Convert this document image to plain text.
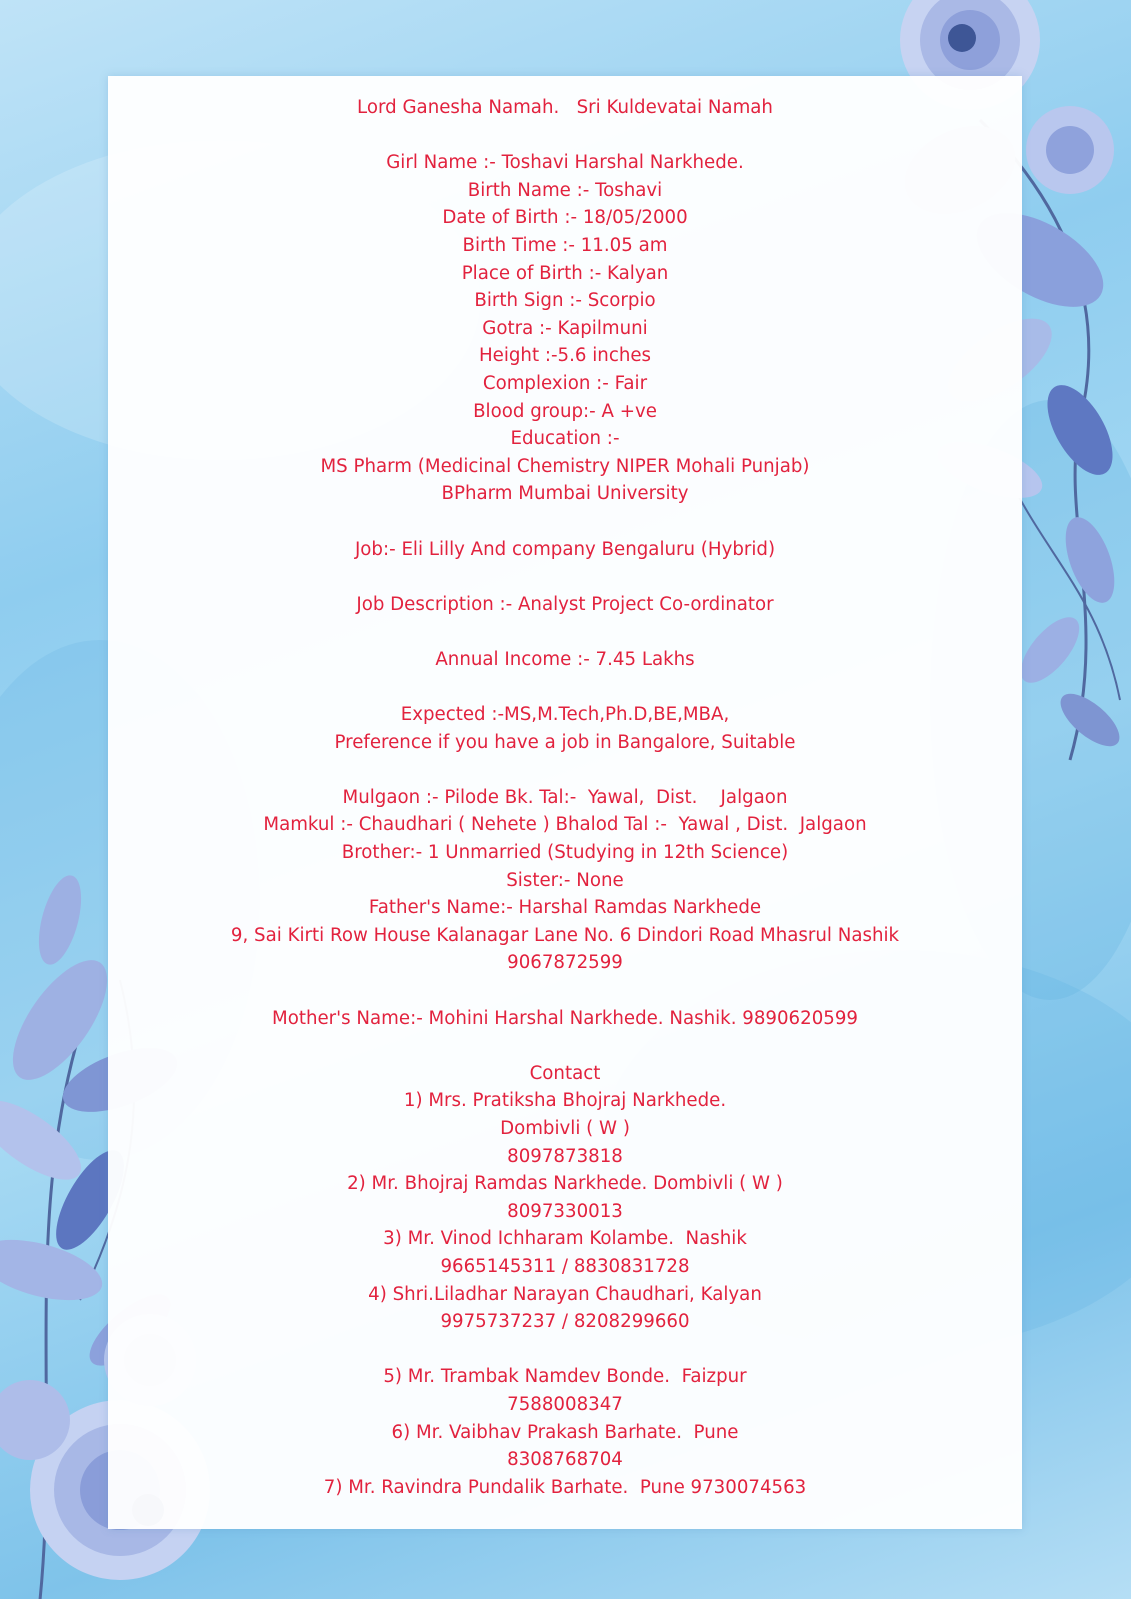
Lord Ganesha Namah.   Sri Kuldevatai Namah
Girl Name :- Toshavi Harshal Narkhede.
Birth Name :- Toshavi
Date of Birth :- 18/05/2000
Birth Time :- 11.05 am
Place of Birth :- Kalyan
Birth Sign :- Scorpio
Gotra :- Kapilmuni
Height :-5.6 inches
Complexion :- Fair
Blood group:- A +ve
Education :-
MS Pharm (Medicinal Chemistry NIPER Mohali Punjab)
BPharm Mumbai University
Job:- Eli Lilly And company Bengaluru (Hybrid)
Job Description :- Analyst Project Co-ordinator
Annual Income :- 7.45 Lakhs
Expected :-MS,M.Tech,Ph.D,BE,MBA,
Preference if you have a job in Bangalore, Suitable
Mulgaon :- Pilode Bk. Tal:-  Yawal,  Dist.    Jalgaon
Mamkul :- Chaudhari ( Nehete ) Bhalod Tal :-  Yawal , Dist.  Jalgaon
Brother:- 1 Unmarried (Studying in 12th Science)
Sister:- None
Father's Name:- Harshal Ramdas Narkhede
9, Sai Kirti Row House Kalanagar Lane No. 6 Dindori Road Mhasrul Nashik
9067872599
Mother's Name:- Mohini Harshal Narkhede. Nashik. 9890620599
Contact
1) Mrs. Pratiksha Bhojraj Narkhede.
Dombivli ( W )
8097873818
2) Mr. Bhojraj Ramdas Narkhede. Dombivli ( W )
8097330013
3) Mr. Vinod Ichharam Kolambe.  Nashik
9665145311 / 8830831728
4) Shri.Liladhar Narayan Chaudhari, Kalyan
9975737237 / 8208299660
5) Mr. Trambak Namdev Bonde.  Faizpur
7588008347
6) Mr. Vaibhav Prakash Barhate.  Pune
8308768704
7) Mr. Ravindra Pundalik Barhate.  Pune 9730074563
